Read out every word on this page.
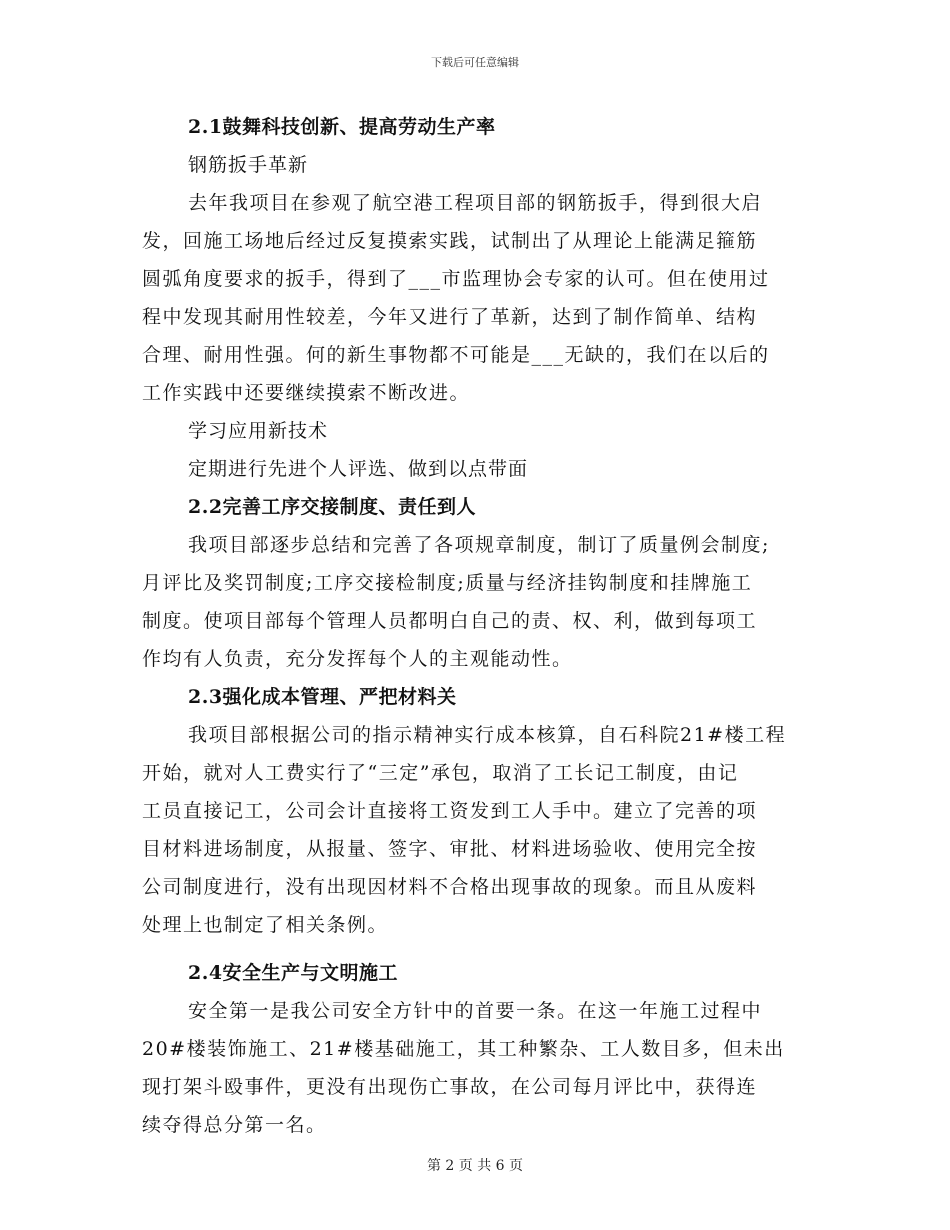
下载后可任意编辑
2.1鼓舞科技创新、提高劳动生产率
钢筋扳手革新
去年我项目在参观了航空港工程项目部的钢筋扳手，得到很大启
发，回施工场地后经过反复摸索实践，试制出了从理论上能满足箍筋
圆弧角度要求的扳手，得到了___市监理协会专家的认可。但在使用过
程中发现其耐用性较差，今年又进行了革新，达到了制作简单、结构
合理、耐用性强。何的新生事物都不可能是___无缺的，我们在以后的
工作实践中还要继续摸索不断改进。
学习应用新技术
定期进行先进个人评选、做到以点带面
2.2完善工序交接制度、责任到人
我项目部逐步总结和完善了各项规章制度，制订了质量例会制度;
月评比及奖罚制度;工序交接检制度;质量与经济挂钩制度和挂牌施工
制度。使项目部每个管理人员都明白自己的责、权、利，做到每项工
作均有人负责，充分发挥每个人的主观能动性。
2.3强化成本管理、严把材料关
我项目部根据公司的指示精神实行成本核算，自石科院21#楼工程
开始，就对人工费实行了“三定”承包，取消了工长记工制度，由记
工员直接记工，公司会计直接将工资发到工人手中。建立了完善的项
目材料进场制度，从报量、签字、审批、材料进场验收、使用完全按
公司制度进行，没有出现因材料不合格出现事故的现象。而且从废料
处理上也制定了相关条例。
2.4安全生产与文明施工
安全第一是我公司安全方针中的首要一条。在这一年施工过程中
20#楼装饰施工、21#楼基础施工，其工种繁杂、工人数目多，但未出
现打架斗殴事件，更没有出现伤亡事故，在公司每月评比中，获得连
续夺得总分第一名。
第 2 页 共 6 页
